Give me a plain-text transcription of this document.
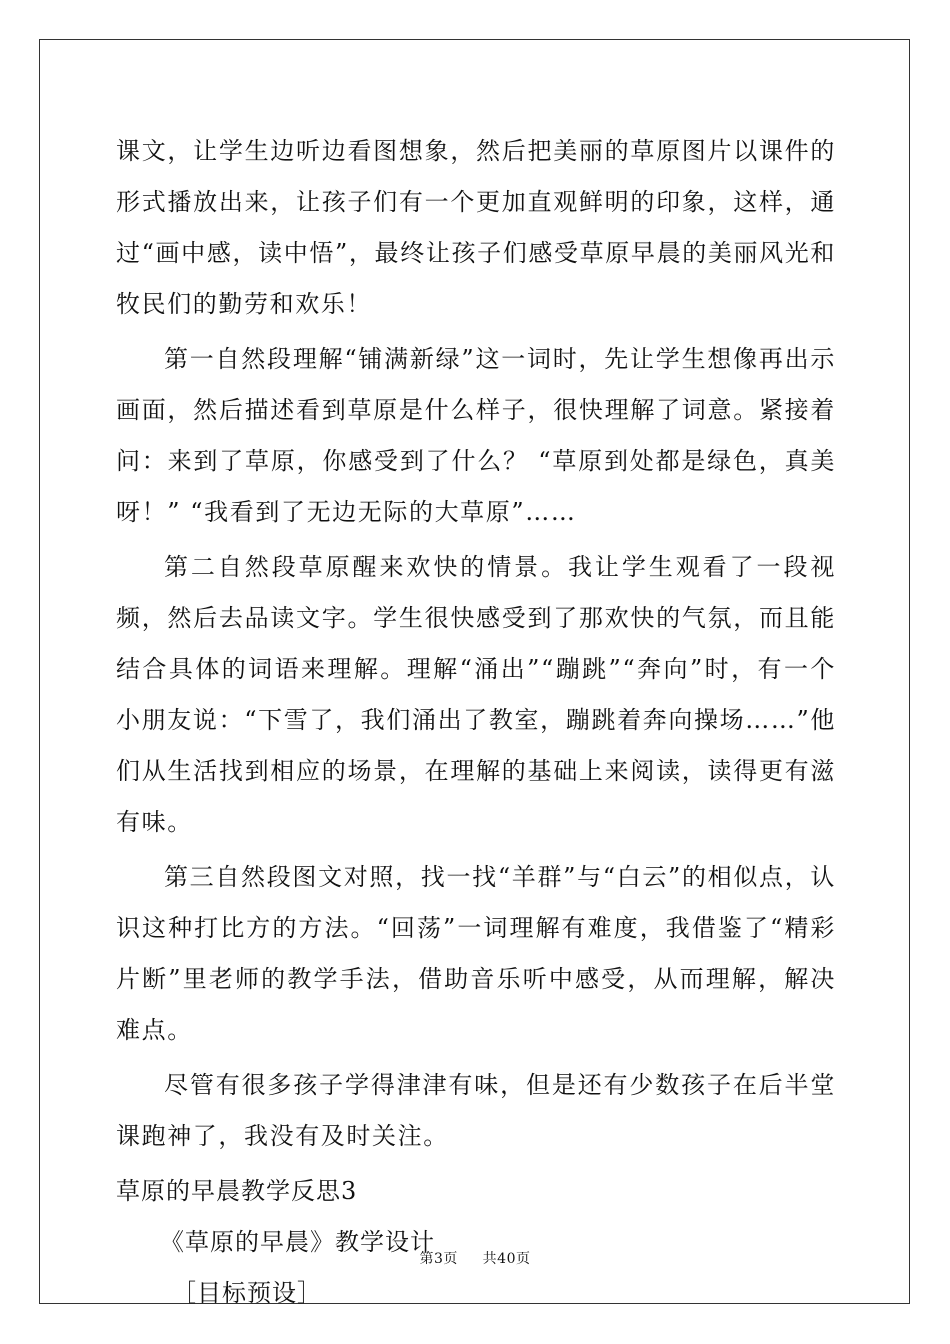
课文，让学生边听边看图想象，然后把美丽的草原图片以课件的形式播放出来，让孩子们有一个更加直观鲜明的印象，这样，通过“画中感，读中悟”，最终让孩子们感受草原早晨的美丽风光和牧民们的勤劳和欢乐！

第一自然段理解“铺满新绿”这一词时，先让学生想像再出示画面，然后描述看到草原是什么样子，很快理解了词意。紧接着问：来到了草原，你感受到了什么？ “草原到处都是绿色，真美呀！” “我看到了无边无际的大草原”……

第二自然段草原醒来欢快的情景。我让学生观看了一段视频，然后去品读文字。学生很快感受到了那欢快的气氛，而且能结合具体的词语来理解。理解“涌出”“蹦跳”“奔向”时，有一个小朋友说：“下雪了，我们涌出了教室，蹦跳着奔向操场……”他们从生活找到相应的场景，在理解的基础上来阅读，读得更有滋有味。

第三自然段图文对照，找一找“羊群”与“白云”的相似点，认识这种打比方的方法。“回荡”一词理解有难度，我借鉴了“精彩片断”里老师的教学手法，借助音乐听中感受，从而理解，解决难点。

尽管有很多孩子学得津津有味，但是还有少数孩子在后半堂课跑神了，我没有及时关注。

草原的早晨教学反思3

《草原的早晨》教学设计

［目标预设］

第3页 共40页
